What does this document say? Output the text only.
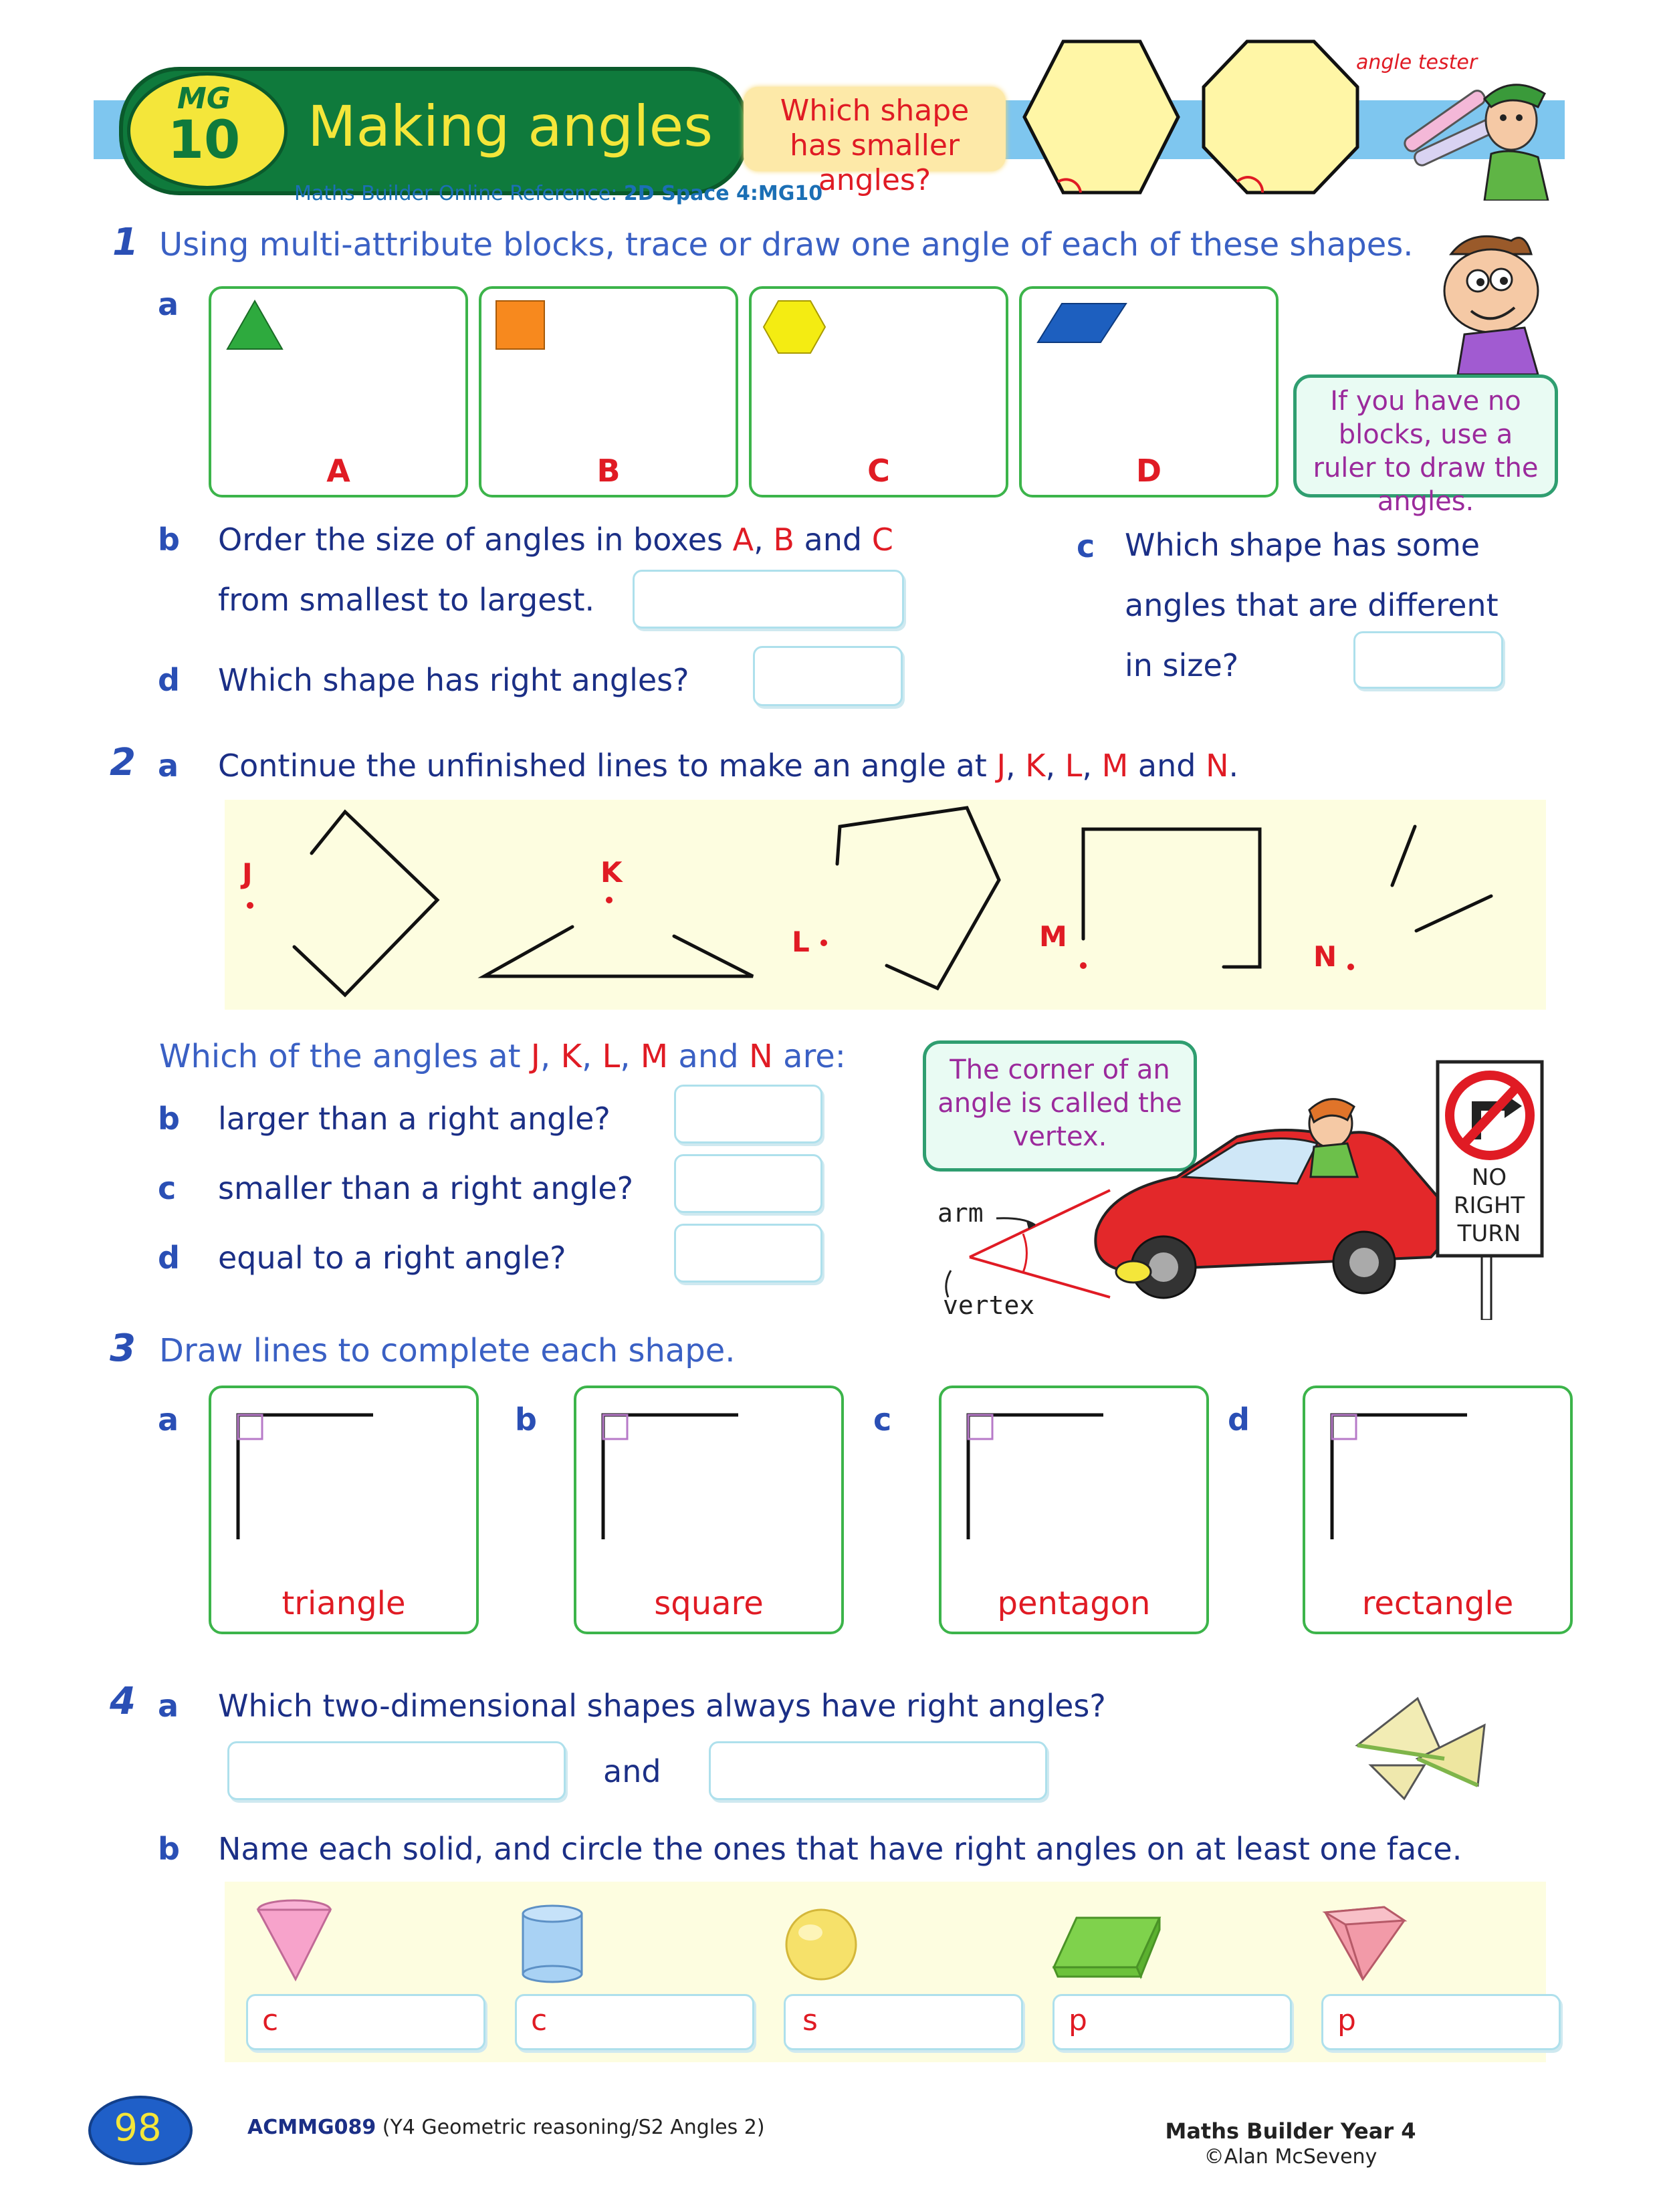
MG
10	Making angles	Which shape has smaller angles?
angle tester
Maths Builder Online Reference: 2D Space 4:MG10
1 Using multi-attribute blocks, trace or draw one angle of each of these shapes.
a
A	B	C	D
If you have no blocks, use a ruler to draw the angles.
b Order the size of angles in boxes A, B and C
from smallest to largest.
c Which shape has some
angles that are different
in size?
d Which shape has right angles?
2 a Continue the unfinished lines to make an angle at J, K, L, M and N.
J	K
L	M
N
Which of the angles at J, K, L, M and N are:
b larger than a right angle?
c smaller than a right angle?
d equal to a right angle?
The corner of an angle is called the vertex.
arm
vertex
NO RIGHT TURN
3 Draw lines to complete each shape.
a
triangle
b
square
c
pentagon
d
rectangle
4 a Which two-dimensional shapes always have right angles?
and
b Name each solid, and circle the ones that have right angles on at least one face.
c	c	s	p	p
98	ACMMG089 (Y4 Geometric reasoning/S2 Angles 2)	Maths Builder Year 4
©Alan McSeveny
